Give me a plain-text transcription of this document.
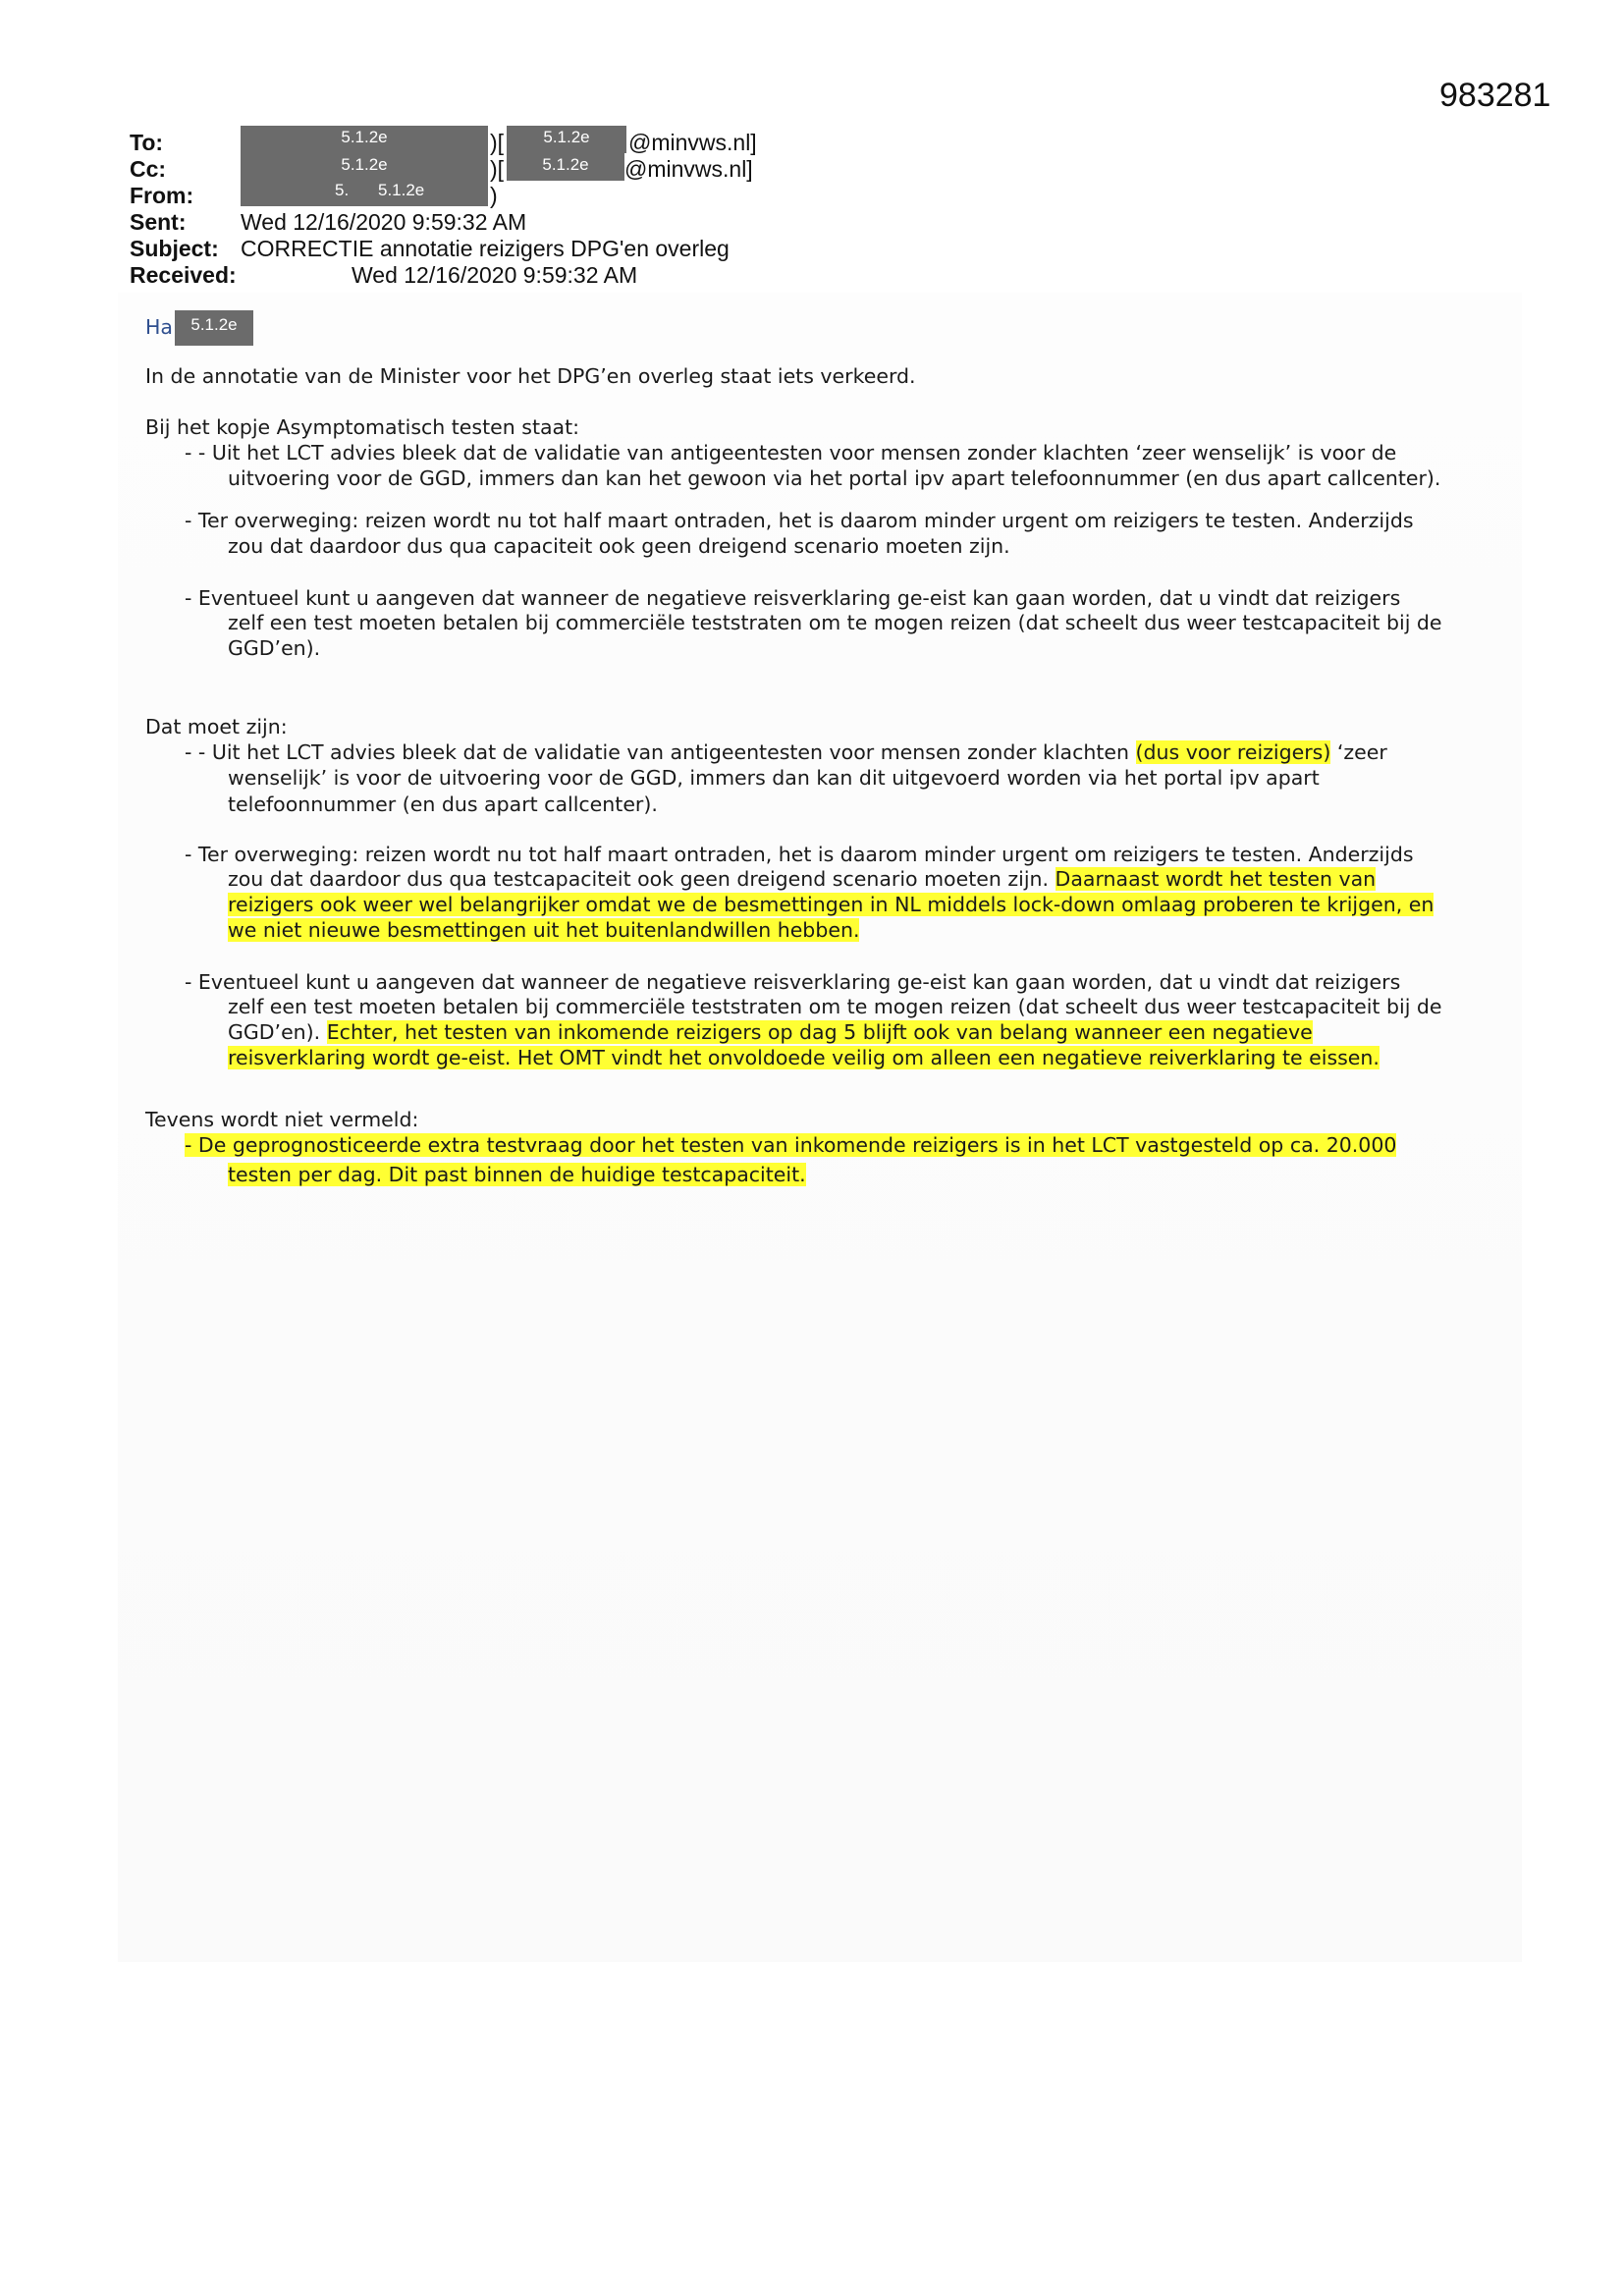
983281
To:	5.1.2e	)[	5.1.2e	@minvws.nl]
Cc:	5.1.2e	)[	5.1.2e	@minvws.nl]
From:	5. 5.1.2e	)
Sent: Wed 12/16/2020 9:59:32 AM
Subject: CORRECTIE annotatie reizigers DPG'en overleg
Received:	Wed 12/16/2020 9:59:32 AM
Ha	5.1.2e
In de annotatie van de Minister voor het DPG’en overleg staat iets verkeerd.
Bij het kopje Asymptomatisch testen staat:
- - Uit het LCT advies bleek dat de validatie van antigeentesten voor mensen zonder klachten ‘zeer wenselijk’ is voor de
uitvoering voor de GGD, immers dan kan het gewoon via het portal ipv apart telefoonnummer (en dus apart callcenter).
- Ter overweging: reizen wordt nu tot half maart ontraden, het is daarom minder urgent om reizigers te testen. Anderzijds
zou dat daardoor dus qua capaciteit ook geen dreigend scenario moeten zijn.
- Eventueel kunt u aangeven dat wanneer de negatieve reisverklaring ge-eist kan gaan worden, dat u vindt dat reizigers
zelf een test moeten betalen bij commerciële teststraten om te mogen reizen (dat scheelt dus weer testcapaciteit bij de
GGD’en).
Dat moet zijn:
- - Uit het LCT advies bleek dat de validatie van antigeentesten voor mensen zonder klachten (dus voor reizigers) ‘zeer
wenselijk’ is voor de uitvoering voor de GGD, immers dan kan dit uitgevoerd worden via het portal ipv apart
telefoonnummer (en dus apart callcenter).
- Ter overweging: reizen wordt nu tot half maart ontraden, het is daarom minder urgent om reizigers te testen. Anderzijds
zou dat daardoor dus qua testcapaciteit ook geen dreigend scenario moeten zijn. Daarnaast wordt het testen van
reizigers ook weer wel belangrijker omdat we de besmettingen in NL middels lock-down omlaag proberen te krijgen, en
we niet nieuwe besmettingen uit het buitenlandwillen hebben.
- Eventueel kunt u aangeven dat wanneer de negatieve reisverklaring ge-eist kan gaan worden, dat u vindt dat reizigers
zelf een test moeten betalen bij commerciële teststraten om te mogen reizen (dat scheelt dus weer testcapaciteit bij de
GGD’en). Echter, het testen van inkomende reizigers op dag 5 blijft ook van belang wanneer een negatieve
reisverklaring wordt ge-eist. Het OMT vindt het onvoldoede veilig om alleen een negatieve reiverklaring te eissen.
Tevens wordt niet vermeld:
- De geprognosticeerde extra testvraag door het testen van inkomende reizigers is in het LCT vastgesteld op ca. 20.000
testen per dag. Dit past binnen de huidige testcapaciteit.
